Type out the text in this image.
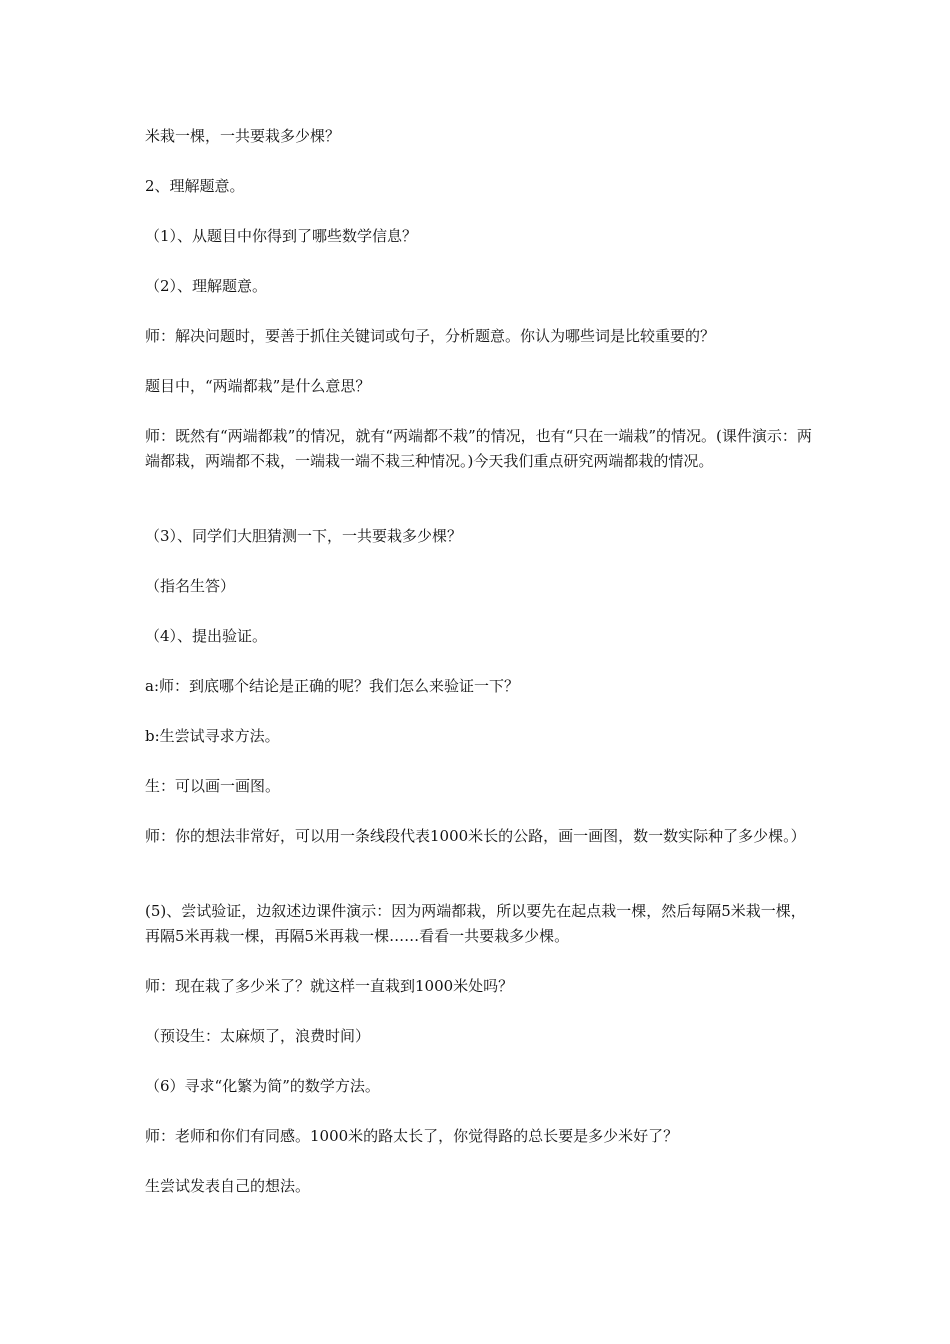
米栽一棵，一共要栽多少棵？
2、理解题意。
（1）、从题目中你得到了哪些数学信息？
（2）、理解题意。
师：解决问题时，要善于抓住关键词或句子，分析题意。你认为哪些词是比较重要的？
题目中，“两端都栽”是什么意思？
师：既然有“两端都栽”的情况，就有“两端都不栽”的情况，也有“只在一端栽”的情况。(课件演示：两端都栽，两端都不栽，一端栽一端不栽三种情况。)今天我们重点研究两端都栽的情况。
（3）、同学们大胆猜测一下，一共要栽多少棵？
（指名生答）
（4）、提出验证。
a:师：到底哪个结论是正确的呢？我们怎么来验证一下？
b:生尝试寻求方法。
生：可以画一画图。
师：你的想法非常好，可以用一条线段代表1000米长的公路，画一画图，数一数实际种了多少棵。）
(5)、尝试验证，边叙述边课件演示：因为两端都栽，所以要先在起点栽一棵，然后每隔5米栽一棵，再隔5米再栽一棵，再隔5米再栽一棵……看看一共要栽多少棵。
师：现在栽了多少米了？就这样一直栽到1000米处吗？
（预设生：太麻烦了，浪费时间）
（6）寻求“化繁为简”的数学方法。
师：老师和你们有同感。1000米的路太长了，你觉得路的总长要是多少米好了？
生尝试发表自己的想法。
